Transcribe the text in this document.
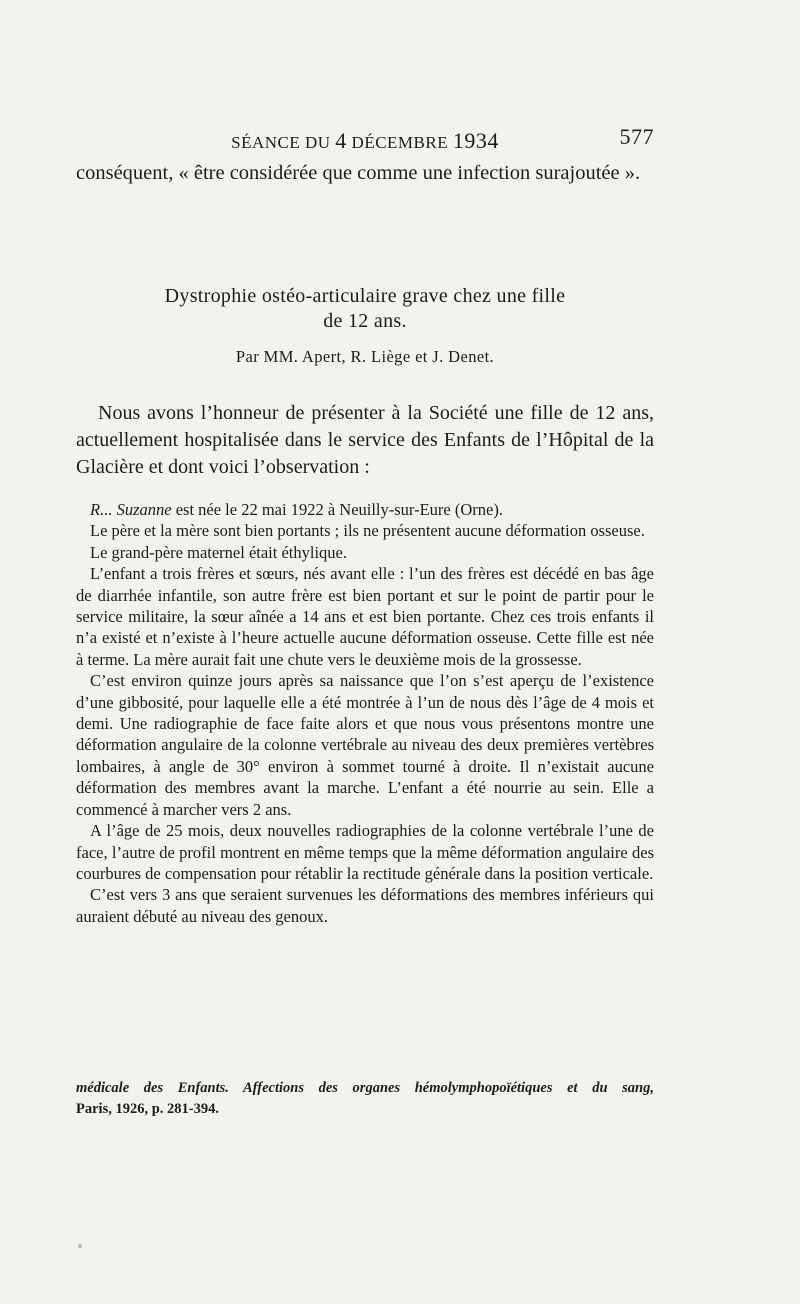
SÉANCE DU 4 DÉCEMBRE 1934	577
conséquent, « être considérée que comme une infection surajoutée ».
Dystrophie ostéo-articulaire grave chez une fille
de 12 ans.
Par MM. Apert, R. Liège et J. Denet.

Nous avons l’honneur de présenter à la Société une fille de 12 ans, actuellement hospitalisée dans le service des Enfants de l’Hôpital de la Glacière et dont voici l’observation :

R... Suzanne est née le 22 mai 1922 à Neuilly-sur-Eure (Orne).

Le père et la mère sont bien portants ; ils ne présentent aucune déformation osseuse.

Le grand-père maternel était éthylique.

L’enfant a trois frères et sœurs, nés avant elle : l’un des frères est décédé en bas âge de diarrhée infantile, son autre frère est bien portant et sur le point de partir pour le service militaire, la sœur aînée a 14 ans et est bien portante. Chez ces trois enfants il n’a existé et n’existe à l’heure actuelle aucune déformation osseuse. Cette fille est née à terme. La mère aurait fait une chute vers le deuxième mois de la grossesse.

C’est environ quinze jours après sa naissance que l’on s’est aperçu de l’existence d’une gibbosité, pour laquelle elle a été montrée à l’un de nous dès l’âge de 4 mois et demi. Une radiographie de face faite alors et que nous vous présentons montre une déformation angulaire de la colonne vertébrale au niveau des deux premières vertèbres lombaires, à angle de 30° environ à sommet tourné à droite. Il n’existait aucune déformation des membres avant la marche. L’enfant a été nourrie au sein. Elle a commencé à marcher vers 2 ans.

A l’âge de 25 mois, deux nouvelles radiographies de la colonne vertébrale l’une de face, l’autre de profil montrent en même temps que la même déformation angulaire des courbures de compensation pour rétablir la rectitude générale dans la position verticale.

C’est vers 3 ans que seraient survenues les déformations des membres inférieurs qui auraient débuté au niveau des genoux.

médicale des Enfants. Affections des organes hémolymphopoïétiques et du sang,
Paris, 1926, p. 281-394.
